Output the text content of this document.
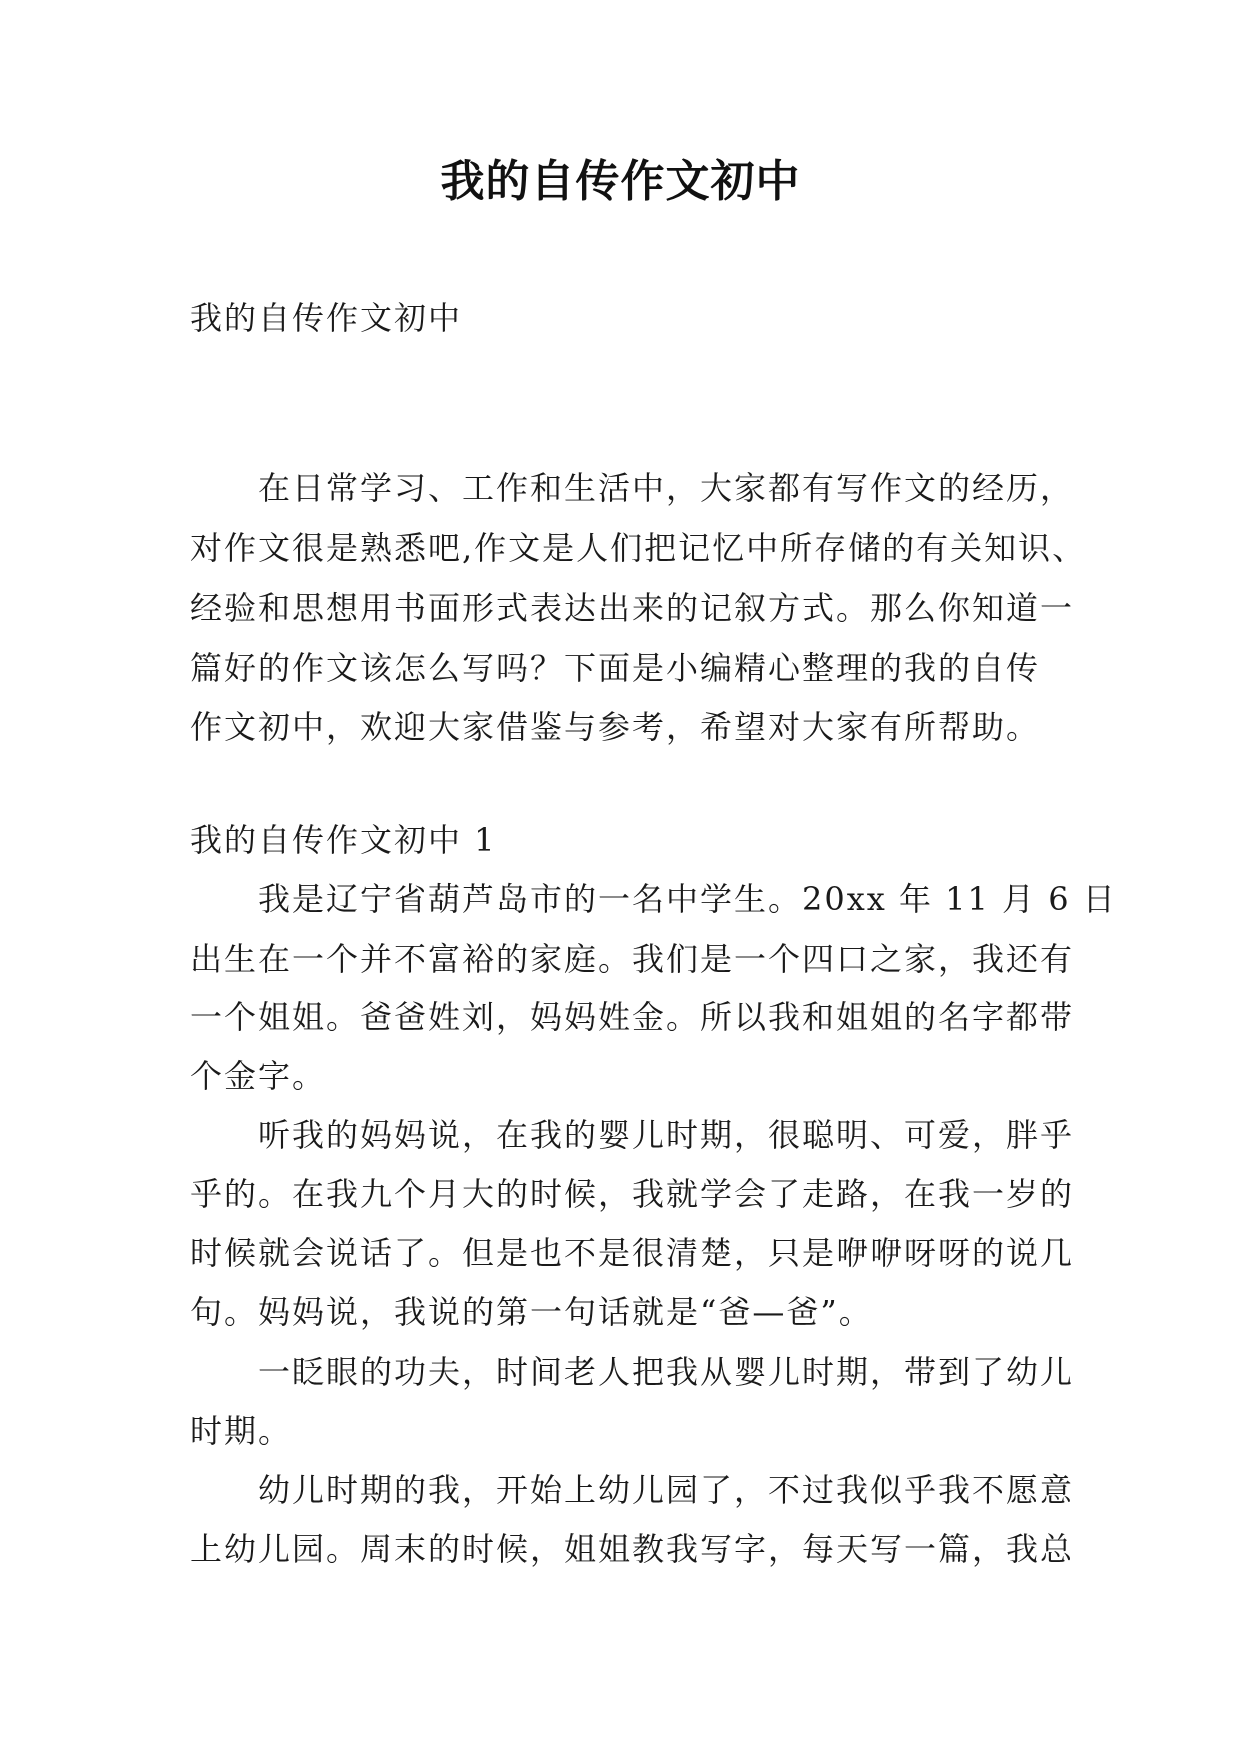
我的自传作文初中
我的自传作文初中
在日常学习、工作和生活中，大家都有写作文的经历，
对作文很是熟悉吧,作文是人们把记忆中所存储的有关知识、
经验和思想用书面形式表达出来的记叙方式。那么你知道一
篇好的作文该怎么写吗？下面是小编精心整理的我的自传
作文初中，欢迎大家借鉴与参考，希望对大家有所帮助。
我的自传作文初中 1
我是辽宁省葫芦岛市的一名中学生。20xx 年 11 月 6 日
出生在一个并不富裕的家庭。我们是一个四口之家，我还有
一个姐姐。爸爸姓刘，妈妈姓金。所以我和姐姐的名字都带
个金字。
听我的妈妈说，在我的婴儿时期，很聪明、可爱，胖乎
乎的。在我九个月大的时候，我就学会了走路，在我一岁的
时候就会说话了。但是也不是很清楚，只是咿咿呀呀的说几
句。妈妈说，我说的第一句话就是“爸—爸”。
一眨眼的功夫，时间老人把我从婴儿时期，带到了幼儿
时期。
幼儿时期的我，开始上幼儿园了，不过我似乎我不愿意
上幼儿园。周末的时候，姐姐教我写字，每天写一篇，我总
